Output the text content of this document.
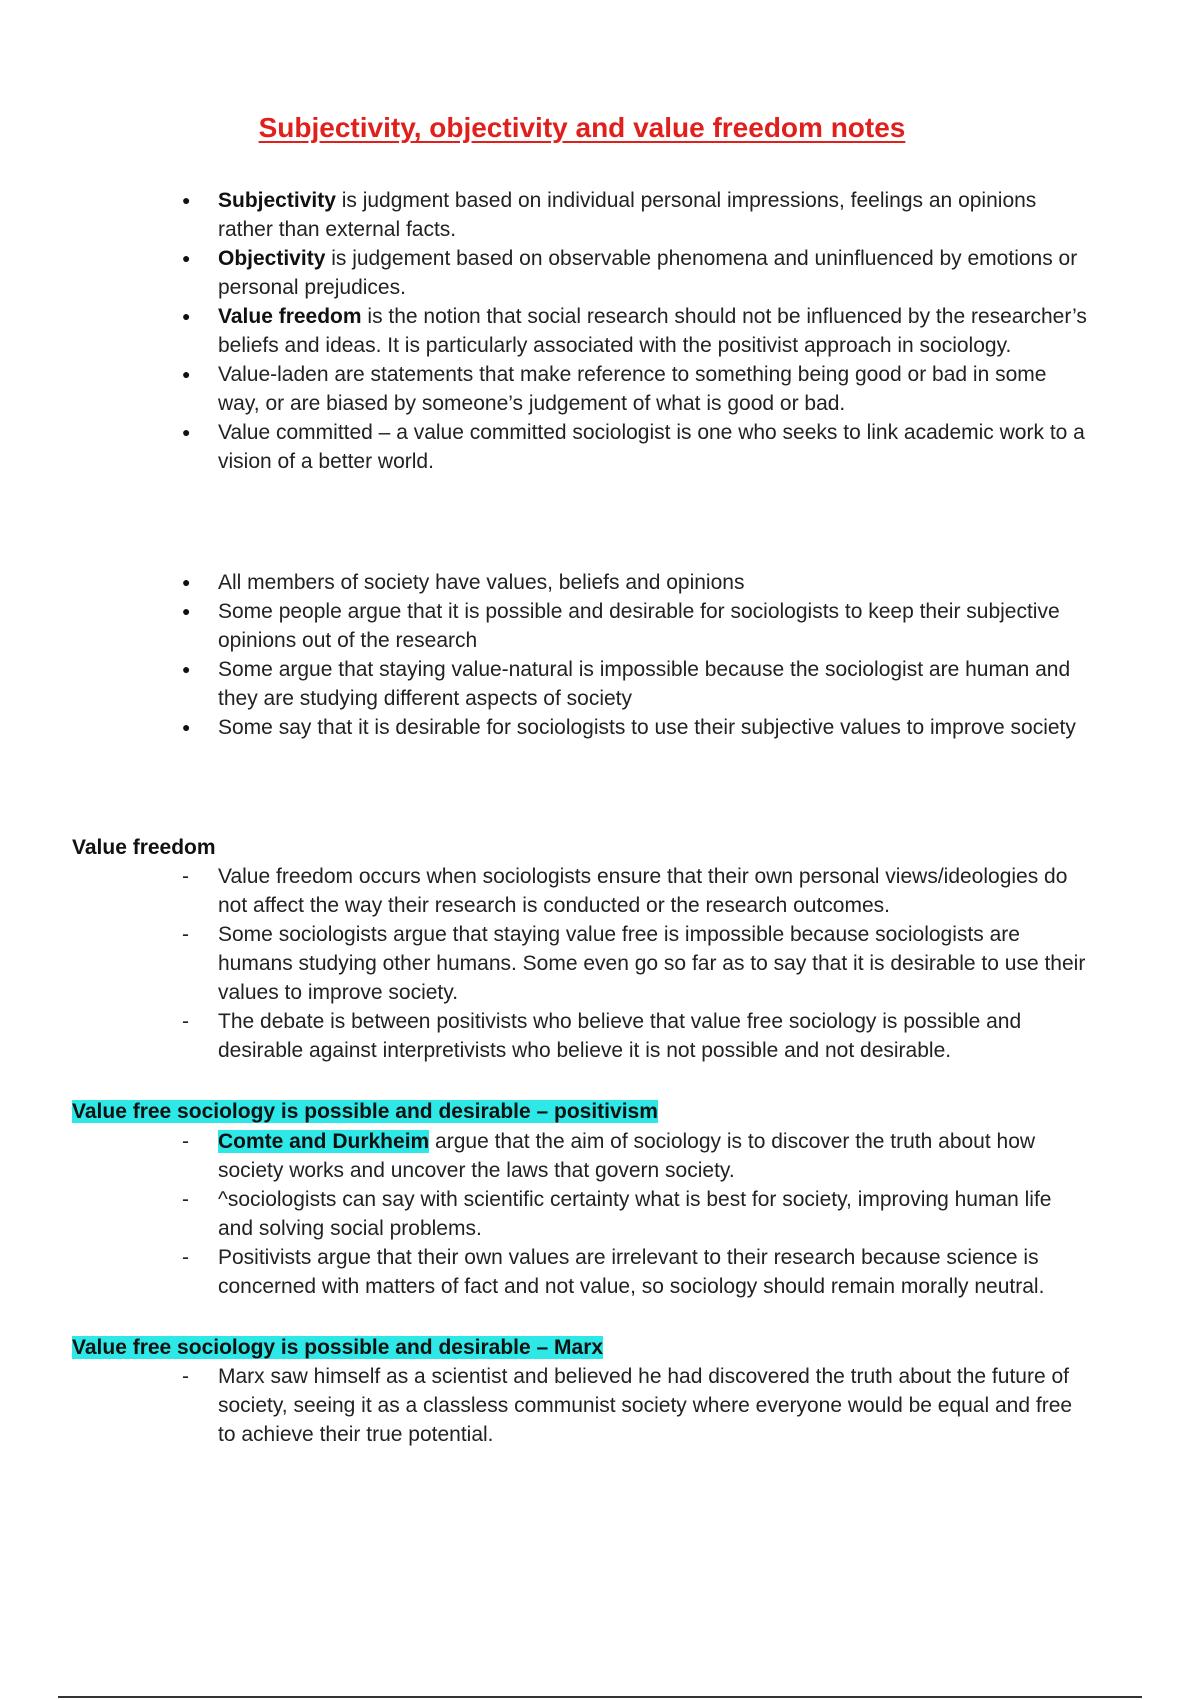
Subjectivity, objectivity and value freedom notes
● Subjectivity is judgment based on individual personal impressions, feelings an opinions rather than external facts.
● Objectivity is judgement based on observable phenomena and uninfluenced by emotions or personal prejudices.
● Value freedom is the notion that social research should not be influenced by the researcher’s beliefs and ideas. It is particularly associated with the positivist approach in sociology.
● Value-laden are statements that make reference to something being good or bad in some way, or are biased by someone’s judgement of what is good or bad.
● Value committed – a value committed sociologist is one who seeks to link academic work to a vision of a better world.
● All members of society have values, beliefs and opinions
● Some people argue that it is possible and desirable for sociologists to keep their subjective opinions out of the research
● Some argue that staying value-natural is impossible because the sociologist are human and they are studying different aspects of society
● Some say that it is desirable for sociologists to use their subjective values to improve society
Value freedom
- Value freedom occurs when sociologists ensure that their own personal views/ideologies do not affect the way their research is conducted or the research outcomes.
- Some sociologists argue that staying value free is impossible because sociologists are humans studying other humans. Some even go so far as to say that it is desirable to use their values to improve society.
- The debate is between positivists who believe that value free sociology is possible and desirable against interpretivists who believe it is not possible and not desirable.
Value free sociology is possible and desirable – positivism
- Comte and Durkheim argue that the aim of sociology is to discover the truth about how society works and uncover the laws that govern society.
- ^sociologists can say with scientific certainty what is best for society, improving human life and solving social problems.
- Positivists argue that their own values are irrelevant to their research because science is concerned with matters of fact and not value, so sociology should remain morally neutral.
Value free sociology is possible and desirable – Marx
- Marx saw himself as a scientist and believed he had discovered the truth about the future of society, seeing it as a classless communist society where everyone would be equal and free to achieve their true potential.
